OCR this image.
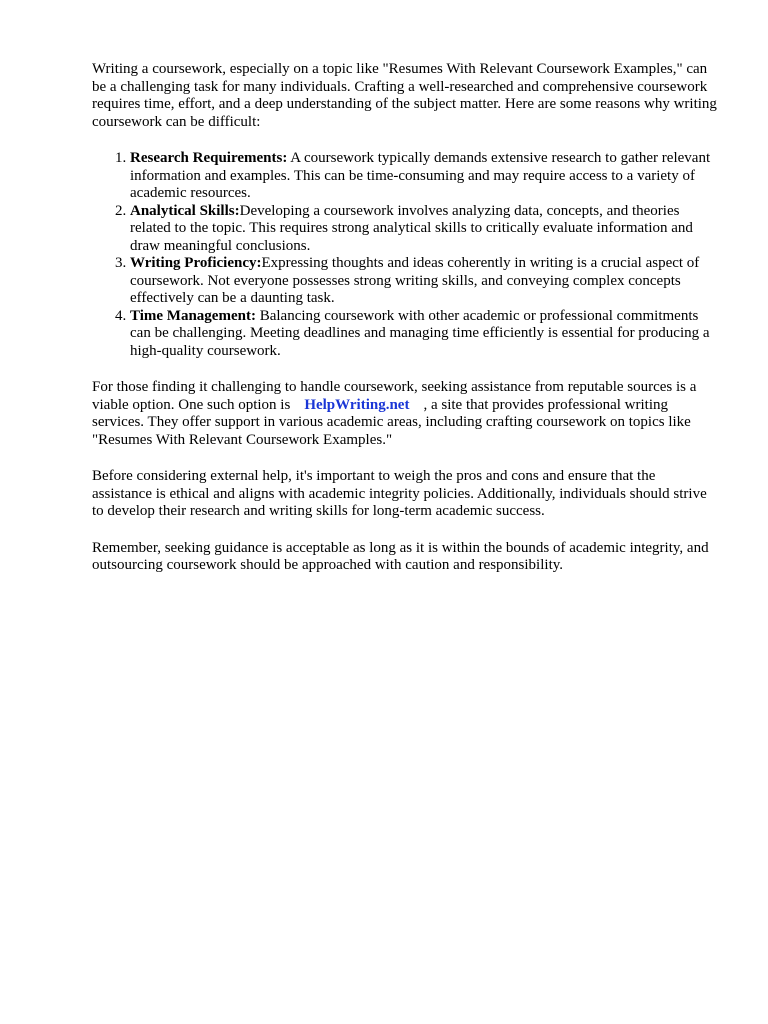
Writing a coursework, especially on a topic like "Resumes With Relevant Coursework Examples," can be a challenging task for many individuals. Crafting a well-researched and comprehensive coursework requires time, effort, and a deep understanding of the subject matter. Here are some reasons why writing coursework can be difficult:

1. Research Requirements: A coursework typically demands extensive research to gather relevant information and examples. This can be time-consuming and may require access to a variety of academic resources.
2. Analytical Skills:Developing a coursework involves analyzing data, concepts, and theories related to the topic. This requires strong analytical skills to critically evaluate information and draw meaningful conclusions.
3. Writing Proficiency:Expressing thoughts and ideas coherently in writing is a crucial aspect of coursework. Not everyone possesses strong writing skills, and conveying complex concepts effectively can be a daunting task.
4. Time Management: Balancing coursework with other academic or professional commitments can be challenging. Meeting deadlines and managing time efficiently is essential for producing a high-quality coursework.

For those finding it challenging to handle coursework, seeking assistance from reputable sources is a viable option. One such option is HelpWriting.net , a site that provides professional writing services. They offer support in various academic areas, including crafting coursework on topics like "Resumes With Relevant Coursework Examples."

Before considering external help, it's important to weigh the pros and cons and ensure that the assistance is ethical and aligns with academic integrity policies. Additionally, individuals should strive to develop their research and writing skills for long-term academic success.

Remember, seeking guidance is acceptable as long as it is within the bounds of academic integrity, and outsourcing coursework should be approached with caution and responsibility.
